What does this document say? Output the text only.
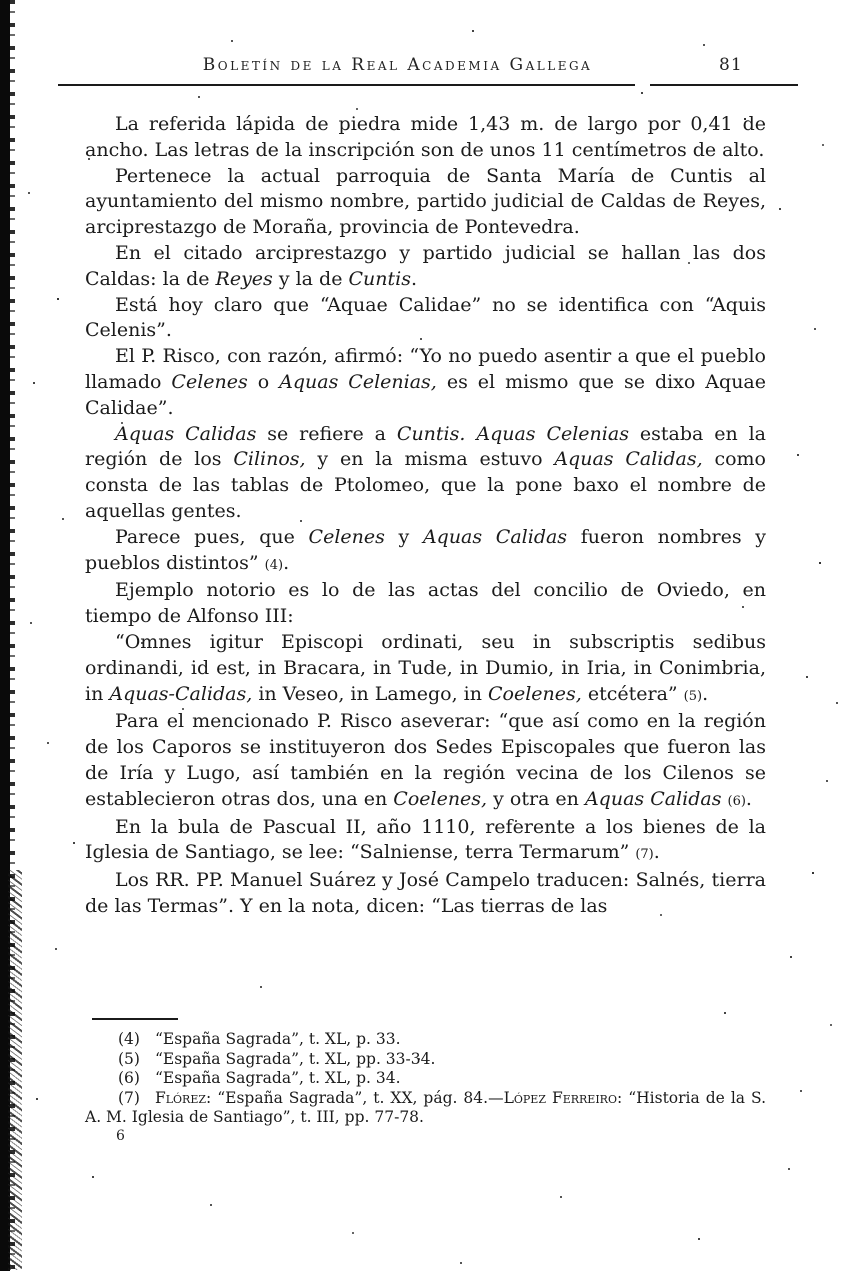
Boletín de la Real Academia Gallega	81

La referida lápida de piedra mide 1,43 m. de largo por 0,41 de ancho. Las letras de la inscripción son de unos 11 centímetros de alto.

Pertenece la actual parroquia de Santa María de Cuntis al ayuntamiento del mismo nombre, partido judicial de Caldas de Reyes, arciprestazgo de Moraña, provincia de Pontevedra.

En el citado arciprestazgo y partido judicial se hallan las dos Caldas: la de Reyes y la de Cuntis.

Está hoy claro que “Aquae Calidae” no se identifica con “Aquis Celenis”.

El P. Risco, con razón, afirmó: “Yo no puedo asentir a que el pueblo llamado Celenes o Aquas Celenias, es el mismo que se dixo Aquae Calidae”.

Aquas Calidas se refiere a Cuntis. Aquas Celenias estaba en la región de los Cilinos, y en la misma estuvo Aquas Calidas, como consta de las tablas de Ptolomeo, que la pone baxo el nombre de aquellas gentes.

Parece pues, que Celenes y Aquas Calidas fueron nombres y pueblos distintos” (4).

Ejemplo notorio es lo de las actas del concilio de Oviedo, en tiempo de Alfonso III:

“Omnes igitur Episcopi ordinati, seu in subscriptis sedibus ordinandi, id est, in Bracara, in Tude, in Dumio, in Iria, in Conimbria, in Aquas-Calidas, in Veseo, in Lamego, in Coelenes, etcétera” (5).

Para el mencionado P. Risco aseverar: “que así como en la región de los Caporos se instituyeron dos Sedes Episcopales que fueron las de Iría y Lugo, así también en la región vecina de los Cilenos se establecieron otras dos, una en Coelenes, y otra en Aquas Calidas (6).

En la bula de Pascual II, año 1110, referente a los bienes de la Iglesia de Santiago, se lee: “Salniense, terra Termarum” (7).

Los RR. PP. Manuel Suárez y José Campelo traducen: Salnés, tierra de las Termas”. Y en la nota, dicen: “Las tierras de las

(4) “España Sagrada”, t. XL, p. 33.

(5) “España Sagrada”, t. XL, pp. 33-34.

(6) “España Sagrada”, t. XL, p. 34.

(7) Flórez: “España Sagrada”, t. XX, pág. 84.—López Ferreiro: “Historia de la S. A. M. Iglesia de Santiago”, t. III, pp. 77-78.

6
